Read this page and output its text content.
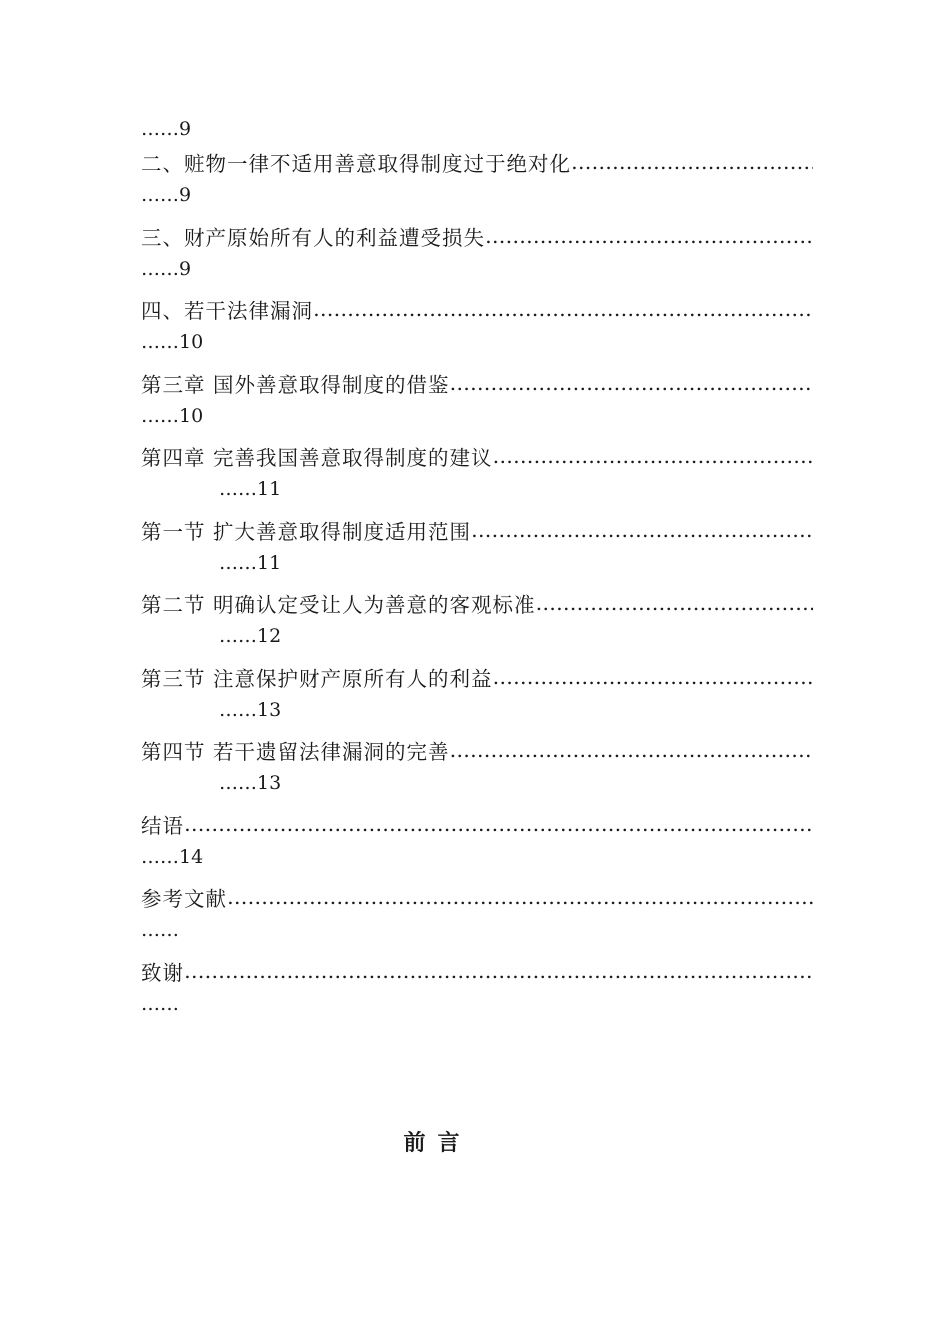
……9
二、赃物一律不适用善意取得制度过于绝对化
………………………………………………………………………………………………………………………………………………………………
……9
三、财产原始所有人的利益遭受损失
………………………………………………………………………………………………………………………………………………………………
……9
四、若干法律漏洞
………………………………………………………………………………………………………………………………………………………………
……10
第三章 国外善意取得制度的借鉴
………………………………………………………………………………………………………………………………………………………………
……10
第四章 完善我国善意取得制度的建议
………………………………………………………………………………………………………………………………………………………………
……11
第一节 扩大善意取得制度适用范围
………………………………………………………………………………………………………………………………………………………………
……11
第二节 明确认定受让人为善意的客观标准
………………………………………………………………………………………………………………………………………………………………
……12
第三节 注意保护财产原所有人的利益
………………………………………………………………………………………………………………………………………………………………
……13
第四节 若干遗留法律漏洞的完善
………………………………………………………………………………………………………………………………………………………………
……13
结语
………………………………………………………………………………………………………………………………………………………………
……14
参考文献
………………………………………………………………………………………………………………………………………………………………
……
致谢
………………………………………………………………………………………………………………………………………………………………
……
前言
